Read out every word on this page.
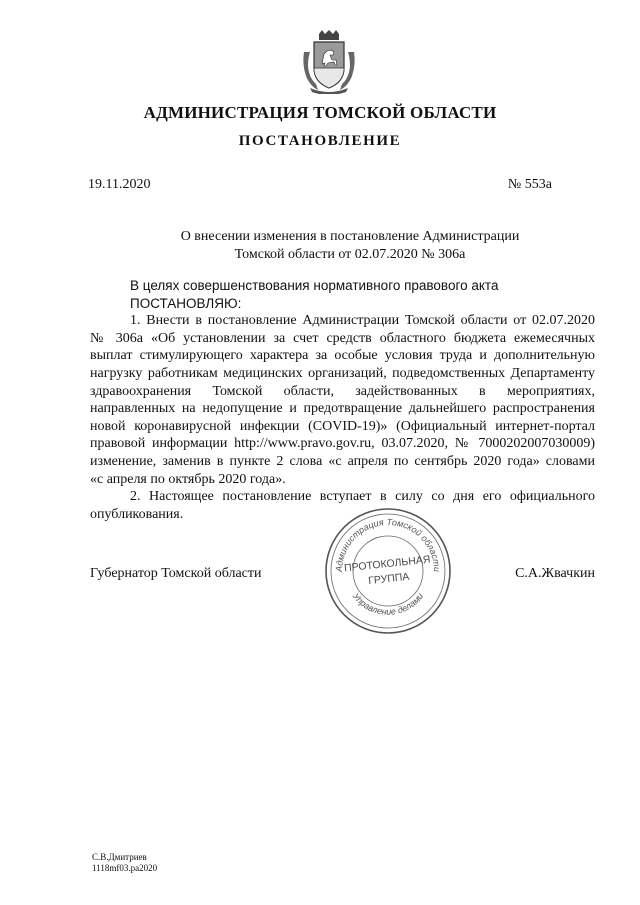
АДМИНИСТРАЦИЯ ТОМСКОЙ ОБЛАСТИ
ПОСТАНОВЛЕНИЕ
19.11.2020	№ 553а
О внесении изменения в постановление Администрации
Томской области от 02.07.2020 № 306а
В целях совершенствования нормативного правового акта
ПОСТАНОВЛЯЮ:
1. Внести в постановление Администрации Томской области от 02.07.2020
№ 306а «Об установлении за счет средств областного бюджета ежемесячных
выплат стимулирующего характера за особые условия труда и дополнительную
нагрузку работникам медицинских организаций, подведомственных Департаменту
здравоохранения Томской области, задействованных в мероприятиях,
направленных на недопущение и предотвращение дальнейшего распространения
новой коронавирусной инфекции (COVID-19)» (Официальный интернет-портал
правовой информации http://www.pravo.gov.ru, 03.07.2020, № 7000202007030009)
изменение, заменив в пункте 2 слова «с апреля по сентябрь 2020 года» словами
«с апреля по октябрь 2020 года».
2. Настоящее постановление вступает в силу со дня его официального
опубликования.
Администрация Томской области
Управление делами
ПРОТОКОЛЬНАЯ
ГРУППА
Губернатор Томской области	С.А.Жвачкин
С.В.Дмитриев
1118mf03.pa2020
